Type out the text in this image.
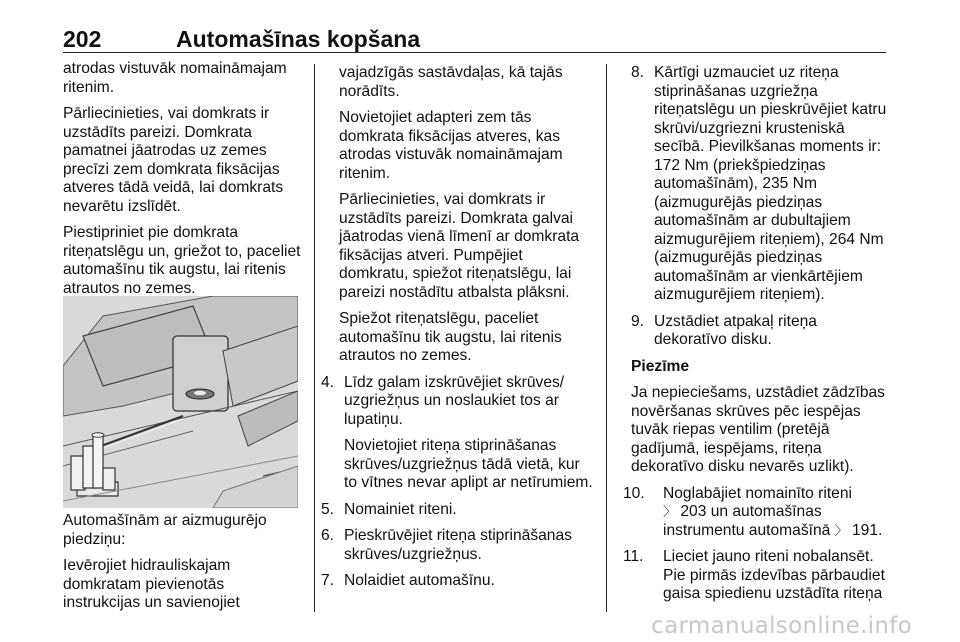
202	Automašīnas kopšana

atrodas vistuvāk nomaināmajam ritenim.

Pārliecinieties, vai domkrats ir uzstādīts pareizi. Domkrata pamatnei jāatrodas uz zemes precīzi zem domkrata fiksācijas atveres tādā veidā, lai domkrats nevarētu izslīdēt.

Piestipriniet pie domkrata riteņatslēgu un, griežot to, paceliet automašīnu tik augstu, lai ritenis atrautos no zemes.

Automašīnām ar aizmugurējo piedziņu:

Ievērojiet hidrauliskajam domkratam pievienotās instrukcijas un savienojiet

vajadzīgās sastāvdaļas, kā tajās norādīts.

Novietojiet adapteri zem tās domkrata fiksācijas atveres, kas atrodas vistuvāk nomaināmajam ritenim.

Pārliecinieties, vai domkrats ir uzstādīts pareizi. Domkrata galvai jāatrodas vienā līmenī ar domkrata fiksācijas atveri. Pumpējiet domkratu, spiežot riteņatslēgu, lai pareizi nostādītu atbalsta plāksni.

Spiežot riteņatslēgu, paceliet automašīnu tik augstu, lai ritenis atrautos no zemes.

4. Līdz galam izskrūvējiet skrūves/ uzgriežņus un noslaukiet tos ar lupatiņu.
Novietojiet riteņa stiprināšanas skrūves/uzgriežņus tādā vietā, kur to vītnes nevar aplipt ar netīrumiem.
5. Nomainiet riteni.
6. Pieskrūvējiet riteņa stiprināšanas skrūves/uzgriežņus.
7. Nolaidiet automašīnu.
8. Kārtīgi uzmauciet uz riteņa stiprināšanas uzgriežņa riteņatslēgu un pieskrūvējiet katru skrūvi/uzgriezni krusteniskā secībā. Pievilkšanas moments ir: 172 Nm (priekšpiedziņas automašīnām), 235 Nm (aizmugurējās piedziņas automašīnām ar dubultajiem aizmugurējiem riteņiem), 264 Nm (aizmugurējās piedziņas automašīnām ar vienkārtējiem aizmugurējiem riteņiem).
9. Uzstādiet atpakaļ riteņa dekoratīvo disku.

Piezīme

Ja nepieciešams, uzstādiet zādzības novēršanas skrūves pēc iespējas tuvāk riepas ventilim (pretējā gadījumā, iespējams, riteņa dekoratīvo disku nevarēs uzlikt).

10. Noglabājiet nomainīto riteni
〉 203 un automašīnas instrumentu automašīnā 〉 191.
11. Lieciet jauno riteni nobalansēt. Pie pirmās izdevības pārbaudiet gaisa spiedienu uzstādīta riteņa
carmanualsonline.info
